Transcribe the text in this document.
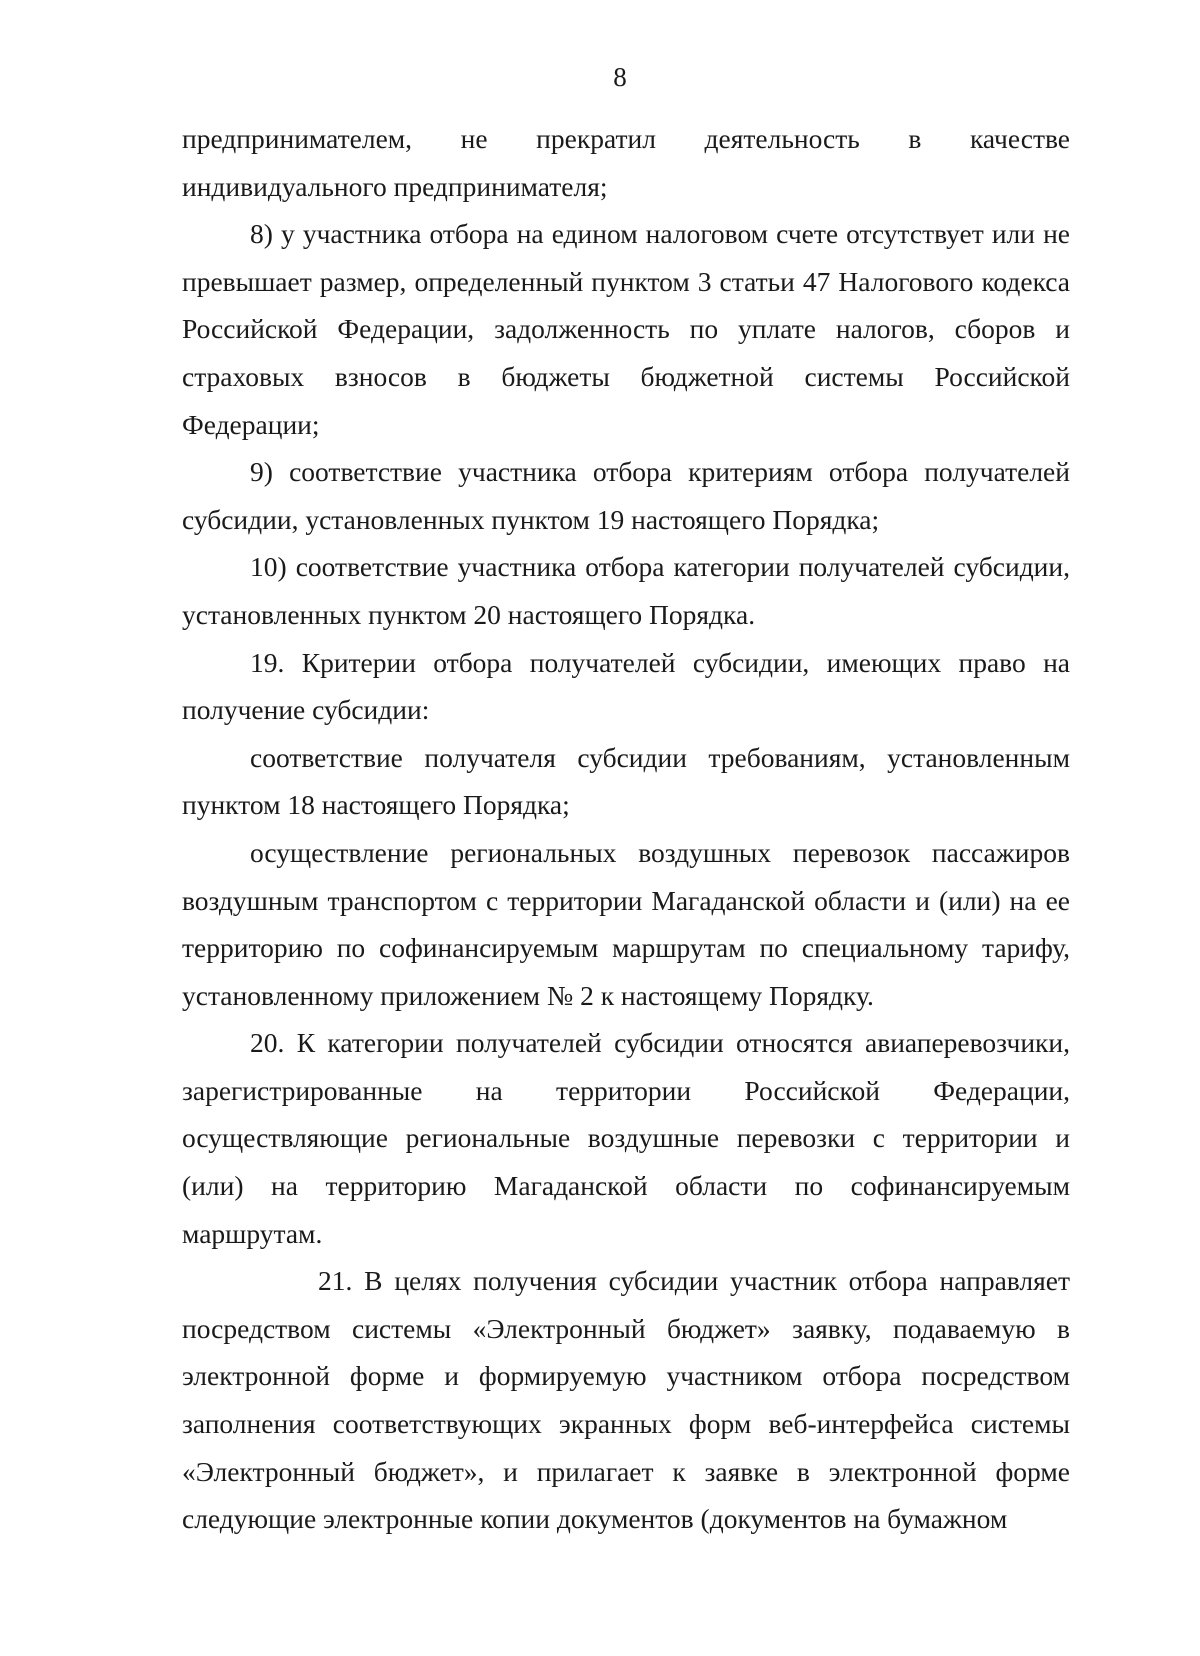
8

предпринимателем, не прекратил деятельность в качестве индивидуального предпринимателя;

8) у участника отбора на едином налоговом счете отсутствует или не превышает размер, определенный пунктом 3 статьи 47 Налогового кодекса Российской Федерации, задолженность по уплате налогов, сборов и страховых взносов в бюджеты бюджетной системы Российской Федерации;

9) соответствие участника отбора критериям отбора получателей субсидии, установленных пунктом 19 настоящего Порядка;

10) соответствие участника отбора категории получателей субсидии, установленных пунктом 20 настоящего Порядка.

19. Критерии отбора получателей субсидии, имеющих право на получение субсидии:

соответствие получателя субсидии требованиям, установленным пунктом 18 настоящего Порядка;

осуществление региональных воздушных перевозок пассажиров воздушным транспортом с территории Магаданской области и (или) на ее территорию по софинансируемым маршрутам по специальному тарифу, установленному приложением № 2 к настоящему Порядку.

20. К категории получателей субсидии относятся авиаперевозчики, зарегистрированные на территории Российской Федерации, осуществляющие региональные воздушные перевозки с территории и (или) на территорию Магаданской области по софинансируемым маршрутам.

21. В целях получения субсидии участник отбора направляет посредством системы «Электронный бюджет» заявку, подаваемую в электронной форме и формируемую участником отбора посредством заполнения соответствующих экранных форм веб-интерфейса системы «Электронный бюджет», и прилагает к заявке в электронной форме следующие электронные копии документов (документов на бумажном
